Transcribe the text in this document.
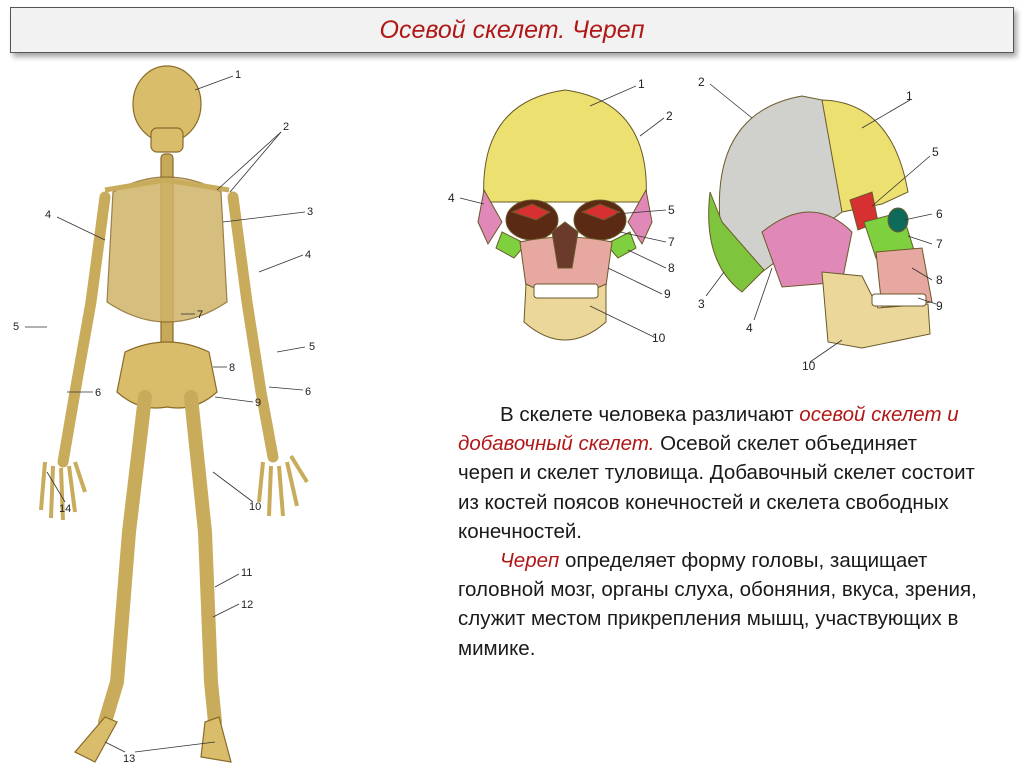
Осевой скелет. Череп
1
2
3
4
4
5
5
6	6
7
8
9
10
11
12
13
14
1
2
4
5
7
8
9
10
1
2
3
4
5
6
7
8
9
10

В скелете человека различают осевой скелет и добавочный скелет. Осевой скелет объединяет череп и скелет туловища. Добавочный скелет состоит из костей поясов конечностей и скелета свободных конечностей.

Череп определяет форму головы, защищает головной мозг, органы слуха, обоняния, вкуса, зрения, служит местом прикрепления мышц, участвующих в мимике.
